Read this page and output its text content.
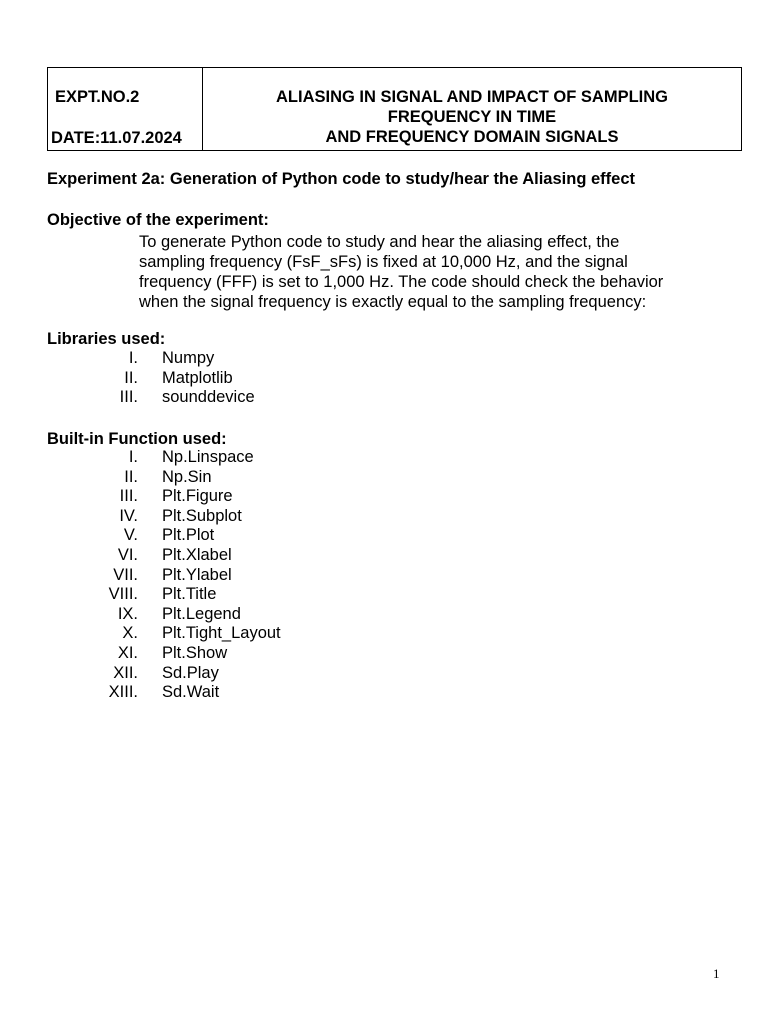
EXPT.NO.2
DATE:11.07.2024
ALIASING IN SIGNAL AND IMPACT OF SAMPLING
FREQUENCY IN TIME
AND FREQUENCY DOMAIN SIGNALS
Experiment 2a: Generation of Python code to study/hear the Aliasing effect
Objective of the experiment:
To generate Python code to study and hear the aliasing effect, the
sampling frequency (FsF_sFs) is fixed at 10,000 Hz, and the signal
frequency (FFF) is set to 1,000 Hz. The code should check the behavior
when the signal frequency is exactly equal to the sampling frequency:
Libraries used:
I. Numpy
II. Matplotlib
III. sounddevice
Built-in Function used:
I. Np.Linspace
II. Np.Sin
III. Plt.Figure
IV. Plt.Subplot
V. Plt.Plot
VI. Plt.Xlabel
VII. Plt.Ylabel
VIII. Plt.Title
IX. Plt.Legend
X. Plt.Tight_Layout
XI. Plt.Show
XII. Sd.Play
XIII. Sd.Wait
1
